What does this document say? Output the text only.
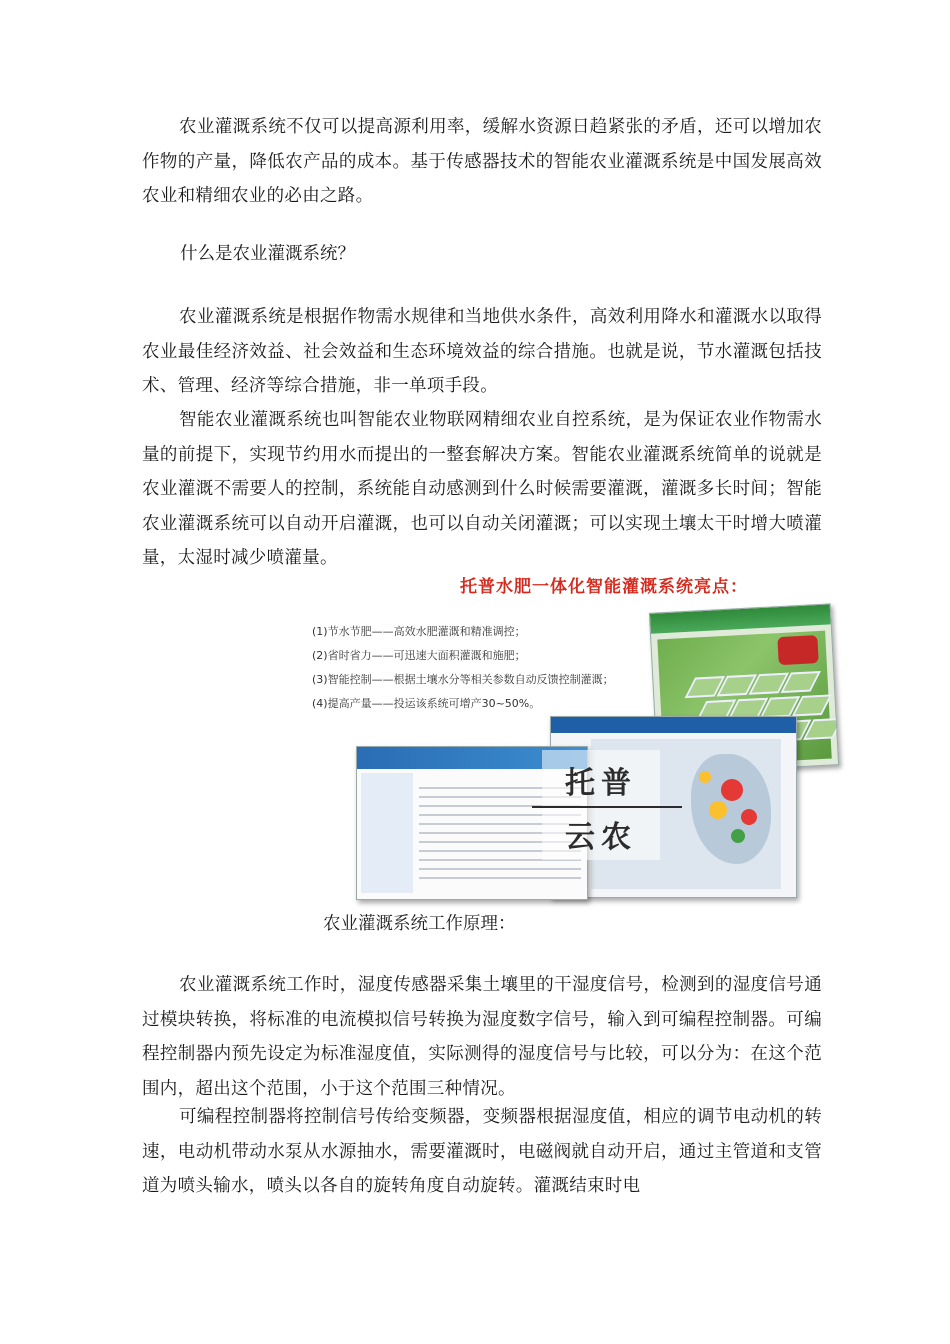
农业灌溉系统不仅可以提高源利用率，缓解水资源日趋紧张的矛盾，还可以增加农作物的产量，降低农产品的成本。基于传感器技术的智能农业灌溉系统是中国发展高效农业和精细农业的必由之路。

什么是农业灌溉系统？

农业灌溉系统是根据作物需水规律和当地供水条件，高效利用降水和灌溉水以取得农业最佳经济效益、社会效益和生态环境效益的综合措施。也就是说，节水灌溉包括技术、管理、经济等综合措施，非一单项手段。

智能农业灌溉系统也叫智能农业物联网精细农业自控系统，是为保证农业作物需水量的前提下，实现节约用水而提出的一整套解决方案。智能农业灌溉系统简单的说就是农业灌溉不需要人的控制，系统能自动感测到什么时候需要灌溉，灌溉多长时间；智能农业灌溉系统可以自动开启灌溉，也可以自动关闭灌溉；可以实现土壤太干时增大喷灌量，太湿时减少喷灌量。

托普水肥一体化智能灌溉系统亮点：
(1)节水节肥——高效水肥灌溉和精准调控；
(2)省时省力——可迅速大面积灌溉和施肥；
(3)智能控制——根据土壤水分等相关参数自动反馈控制灌溉；
(4)提高产量——投运该系统可增产30~50%。
托普
云农

农业灌溉系统工作原理：

农业灌溉系统工作时，湿度传感器采集土壤里的干湿度信号，检测到的湿度信号通过模块转换，将标准的电流模拟信号转换为湿度数字信号，输入到可编程控制器。可编程控制器内预先设定为标准湿度值，实际测得的湿度信号与比较，可以分为：在这个范围内，超出这个范围，小于这个范围三种情况。

可编程控制器将控制信号传给变频器，变频器根据湿度值，相应的调节电动机的转速，电动机带动水泵从水源抽水，需要灌溉时，电磁阀就自动开启，通过主管道和支管道为喷头输水，喷头以各自的旋转角度自动旋转。灌溉结束时电
